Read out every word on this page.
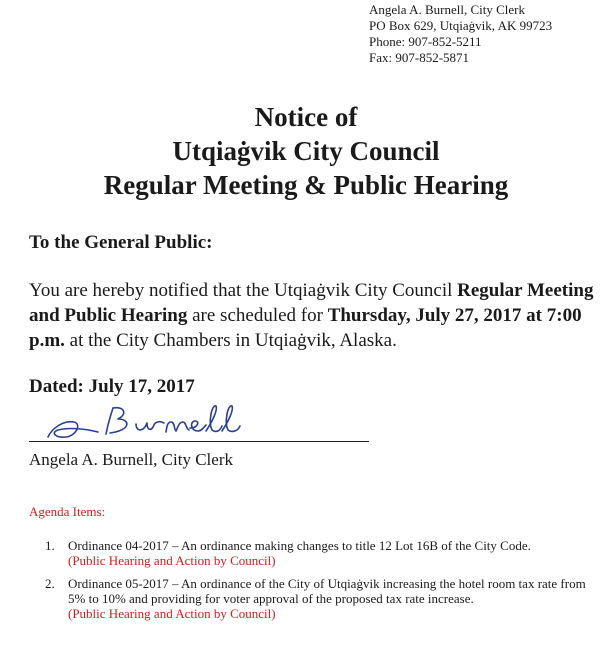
Angela A. Burnell, City Clerk
PO Box 629, Utqiaġvik, AK 99723
Phone: 907-852-5211
Fax: 907-852-5871
Notice of
Utqiaġvik City Council
Regular Meeting & Public Hearing
To the General Public:
You are hereby notified that the Utqiaġvik City Council Regular Meeting and Public Hearing are scheduled for Thursday, July 27, 2017 at 7:00 p.m. at the City Chambers in Utqiaġvik, Alaska.
Dated: July 17, 2017
Angela A. Burnell, City Clerk
Agenda Items:
1.	Ordinance 04-2017 – An ordinance making changes to title 12 Lot 16B of the City Code.
(Public Hearing and Action by Council)
2.	Ordinance 05-2017 – An ordinance of the City of Utqiaġvik increasing the hotel room tax rate from 5% to 10% and providing for voter approval of the proposed tax rate increase.
(Public Hearing and Action by Council)
